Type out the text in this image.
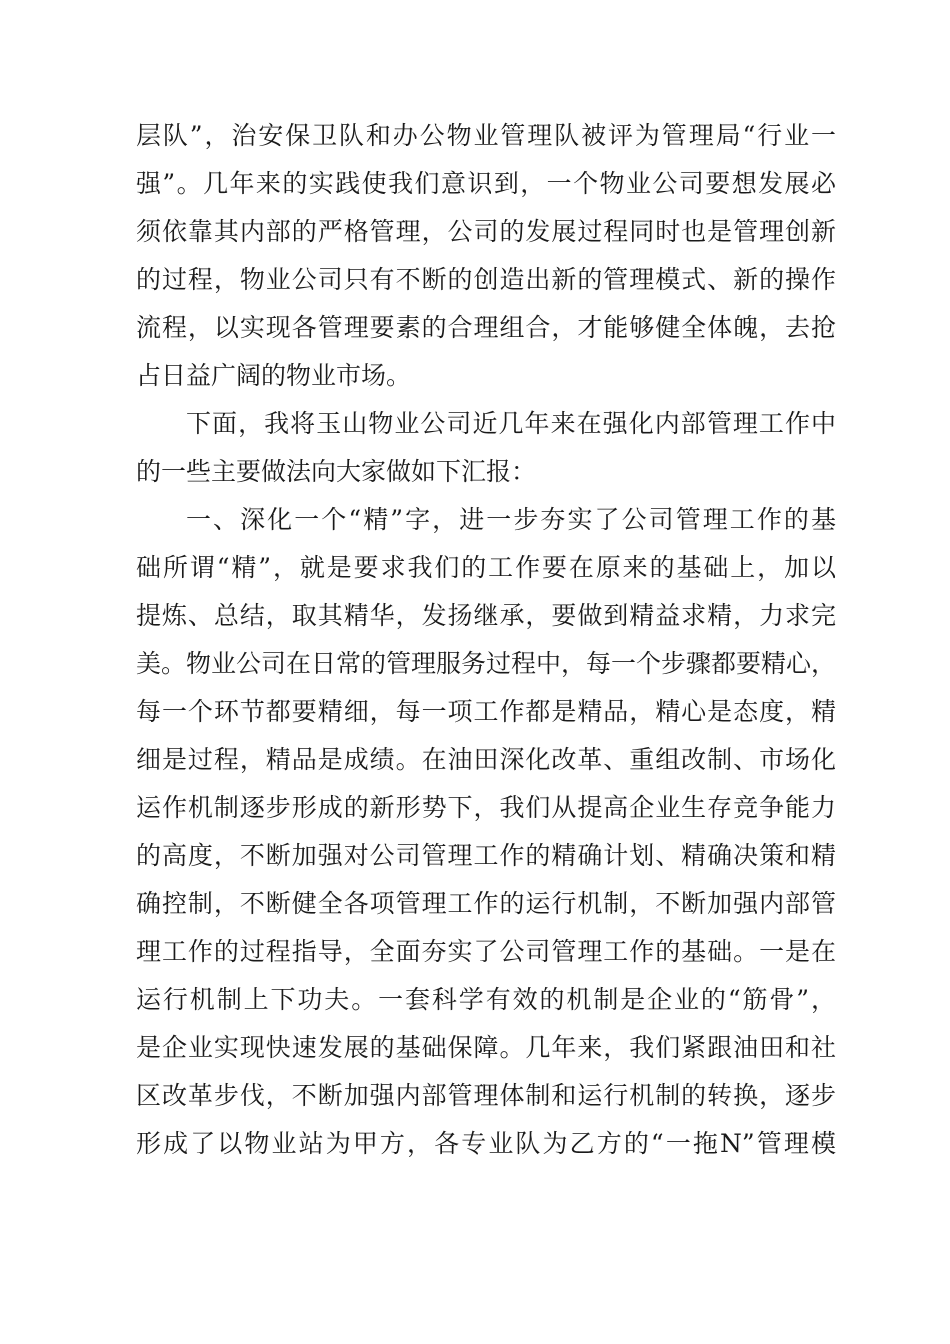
层队”，治安保卫队和办公物业管理队被评为管理局“行业一
强”。几年来的实践使我们意识到，一个物业公司要想发展必
须依靠其内部的严格管理，公司的发展过程同时也是管理创新
的过程，物业公司只有不断的创造出新的管理模式、新的操作
流程，以实现各管理要素的合理组合，才能够健全体魄，去抢
占日益广阔的物业市场。
下面，我将玉山物业公司近几年来在强化内部管理工作中
的一些主要做法向大家做如下汇报：
一、深化一个“精”字，进一步夯实了公司管理工作的基
础所谓“精”，就是要求我们的工作要在原来的基础上，加以
提炼、总结，取其精华，发扬继承，要做到精益求精，力求完
美。物业公司在日常的管理服务过程中，每一个步骤都要精心，
每一个环节都要精细，每一项工作都是精品，精心是态度，精
细是过程，精品是成绩。在油田深化改革、重组改制、市场化
运作机制逐步形成的新形势下，我们从提高企业生存竞争能力
的高度，不断加强对公司管理工作的精确计划、精确决策和精
确控制，不断健全各项管理工作的运行机制，不断加强内部管
理工作的过程指导，全面夯实了公司管理工作的基础。一是在
运行机制上下功夫。一套科学有效的机制是企业的“筋骨”，
是企业实现快速发展的基础保障。几年来，我们紧跟油田和社
区改革步伐，不断加强内部管理体制和运行机制的转换，逐步
形成了以物业站为甲方，各专业队为乙方的“一拖N”管理模
